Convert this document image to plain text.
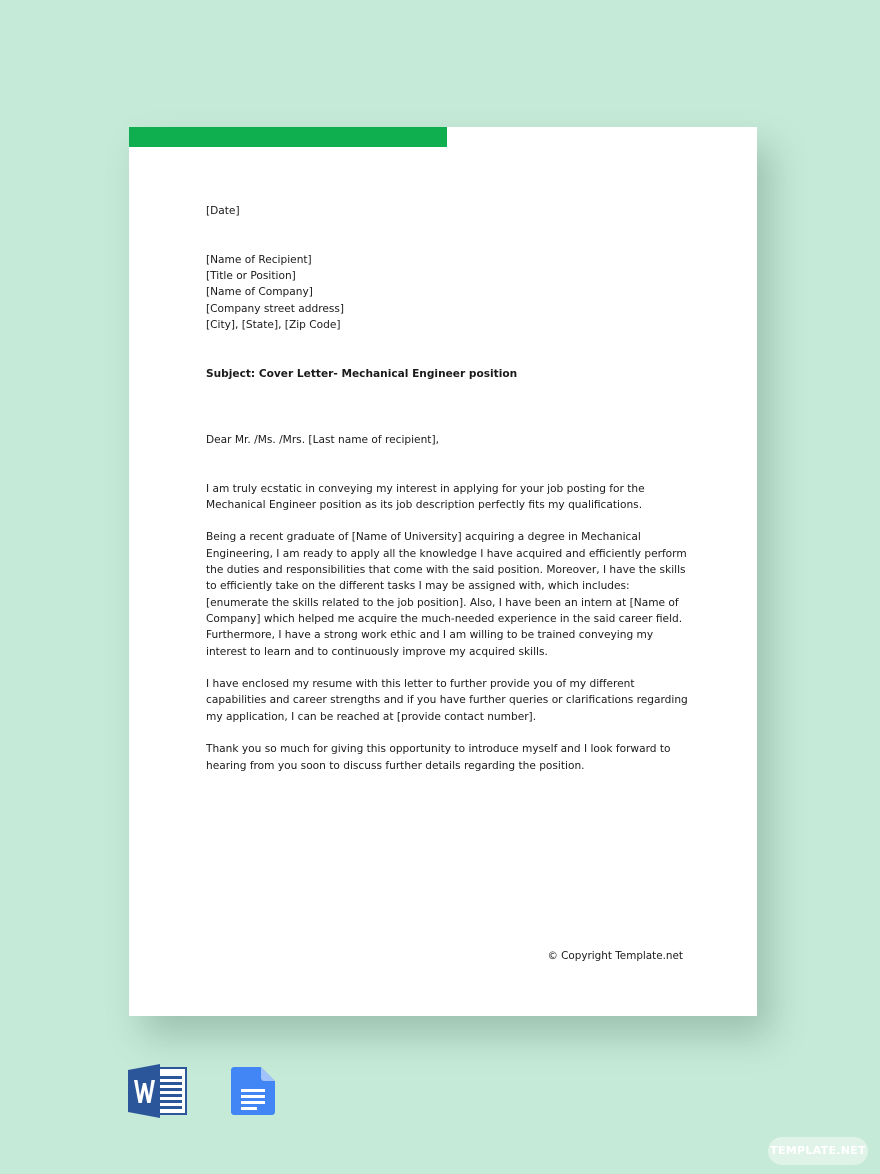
[Date]

[Name of Recipient]

[Title or Position]

[Name of Company]

[Company street address]

[City], [State], [Zip Code]

Subject: Cover Letter- Mechanical Engineer position

Dear Mr. /Ms. /Mrs. [Last name of recipient],

I am truly ecstatic in conveying my interest in applying for your job posting for the Mechanical Engineer position as its job description perfectly fits my qualifications.

Being a recent graduate of [Name of University] acquiring a degree in Mechanical Engineering, I am ready to apply all the knowledge I have acquired and efficiently perform the duties and responsibilities that come with the said position. Moreover, I have the skills to efficiently take on the different tasks I may be assigned with, which includes: [enumerate the skills related to the job position]. Also, I have been an intern at [Name of Company] which helped me acquire the much-needed experience in the said career field. Furthermore, I have a strong work ethic and I am willing to be trained conveying my interest to learn and to continuously improve my acquired skills.

I have enclosed my resume with this letter to further provide you of my different capabilities and career strengths and if you have further queries or clarifications regarding my application, I can be reached at [provide contact number].

Thank you so much for giving this opportunity to introduce myself and I look forward to hearing from you soon to discuss further details regarding the position.

© Copyright Template.net
TEMPLATE.NET
